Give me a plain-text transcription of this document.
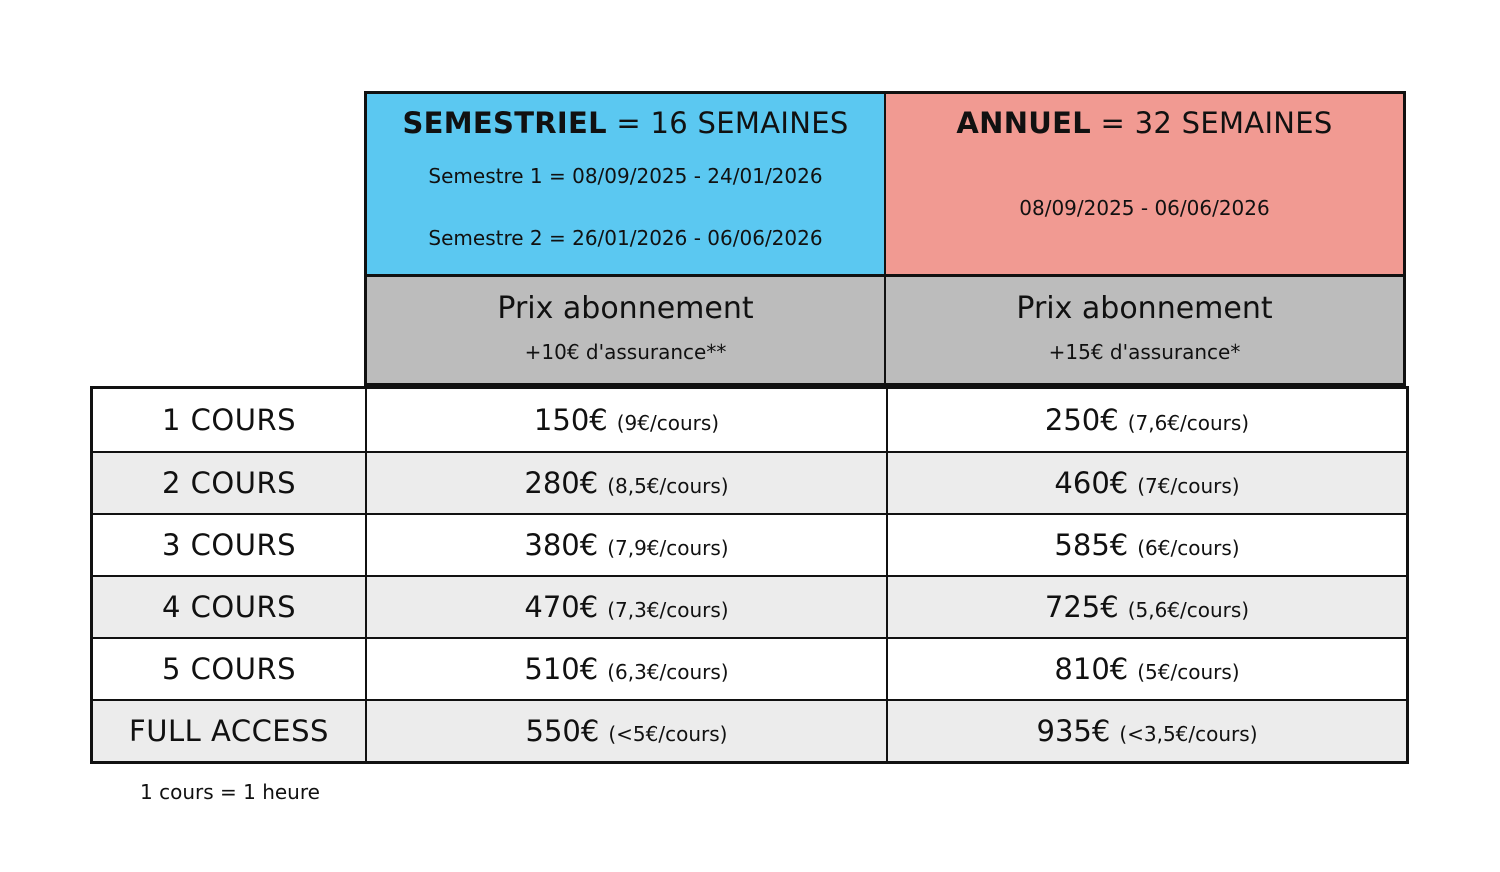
SEMESTRIEL = 16 SEMAINES
Semestre 1 = 08/09/2025 - 24/01/2026
Semestre 2 = 26/01/2026 - 06/06/2026
ANNUEL = 32 SEMAINES
08/09/2025 - 06/06/2026
Prix abonnement
+10€ d'assurance**
Prix abonnement
+15€ d'assurance*
1 COURS	150€ (9€/cours)	250€ (7,6€/cours)
2 COURS	280€ (8,5€/cours)	460€ (7€/cours)
3 COURS	380€ (7,9€/cours)	585€ (6€/cours)
4 COURS	470€ (7,3€/cours)	725€ (5,6€/cours)
5 COURS	510€ (6,3€/cours)	810€ (5€/cours)
FULL ACCESS	550€ (<5€/cours)	935€ (<3,5€/cours)
1 cours = 1 heure
